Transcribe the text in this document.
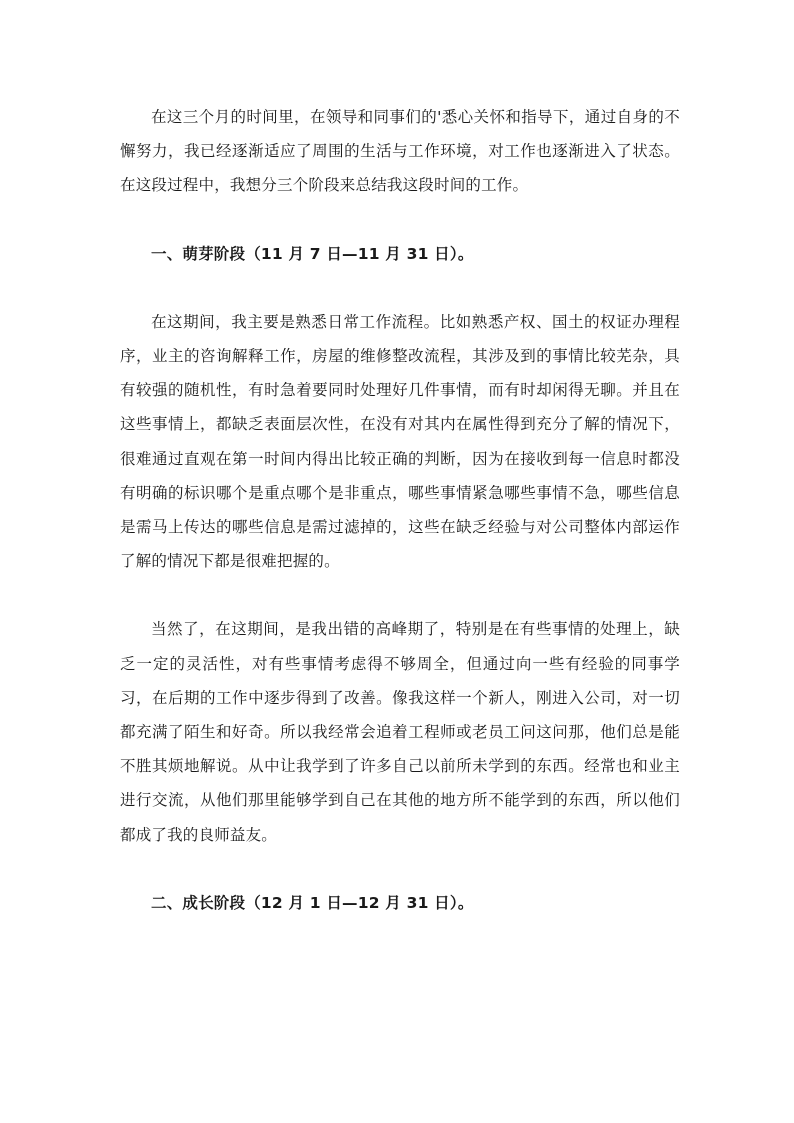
在这三个月的时间里，在领导和同事们的'悉心关怀和指导下，通过自身的不懈努力，我已经逐渐适应了周围的生活与工作环境，对工作也逐渐进入了状态。在这段过程中，我想分三个阶段来总结我这段时间的工作。

一、萌芽阶段（11 月 7 日—11 月 31 日）。

在这期间，我主要是熟悉日常工作流程。比如熟悉产权、国土的权证办理程序，业主的咨询解释工作，房屋的维修整改流程，其涉及到的事情比较芜杂，具有较强的随机性，有时急着要同时处理好几件事情，而有时却闲得无聊。并且在这些事情上，都缺乏表面层次性，在没有对其内在属性得到充分了解的情况下，很难通过直观在第一时间内得出比较正确的判断，因为在接收到每一信息时都没有明确的标识哪个是重点哪个是非重点，哪些事情紧急哪些事情不急，哪些信息是需马上传达的哪些信息是需过滤掉的，这些在缺乏经验与对公司整体内部运作了解的情况下都是很难把握的。

当然了，在这期间，是我出错的高峰期了，特别是在有些事情的处理上，缺乏一定的灵活性，对有些事情考虑得不够周全，但通过向一些有经验的同事学习，在后期的工作中逐步得到了改善。像我这样一个新人，刚进入公司，对一切都充满了陌生和好奇。所以我经常会追着工程师或老员工问这问那，他们总是能不胜其烦地解说。从中让我学到了许多自己以前所未学到的东西。经常也和业主进行交流，从他们那里能够学到自己在其他的地方所不能学到的东西，所以他们都成了我的良师益友。

二、成长阶段（12 月 1 日—12 月 31 日）。
